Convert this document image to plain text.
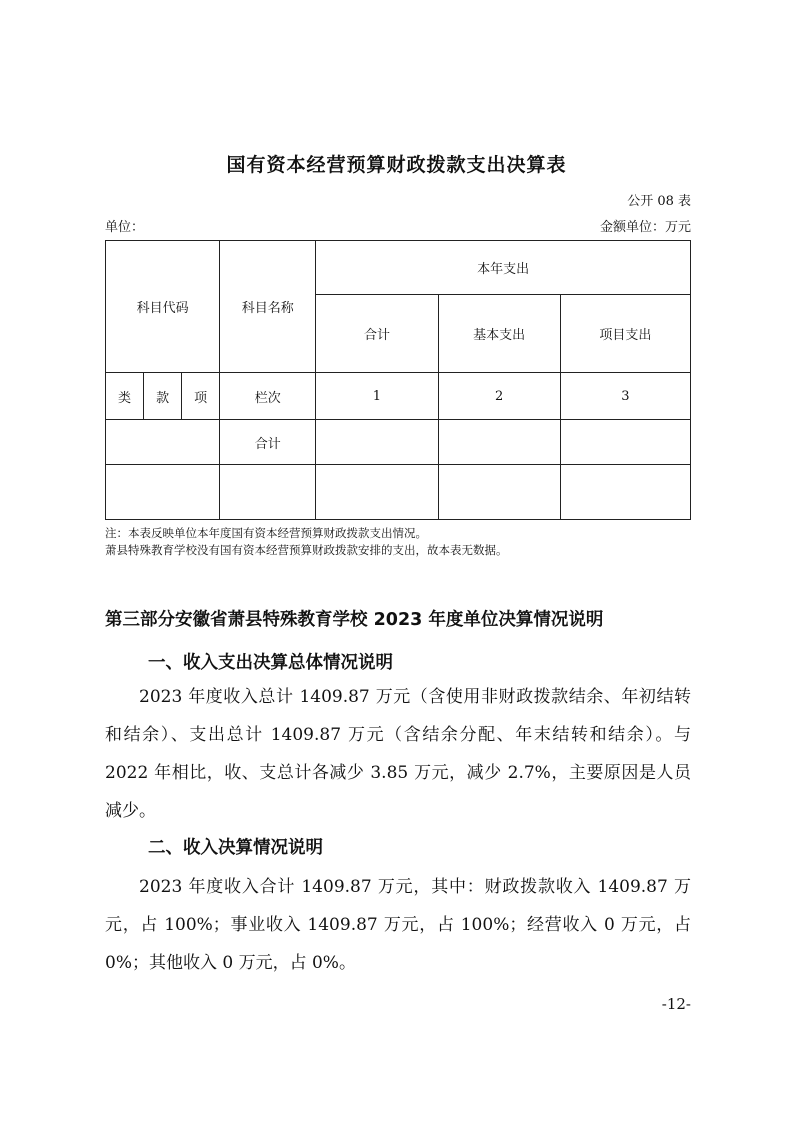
国有资本经营预算财政拨款支出决算表
公开 08 表
单位：	金额单位：万元
科目代码			科目名称	本年支出		
				合计	基本支出	项目支出
类	款	项	栏次	1	2	3
			合计			

注：本表反映单位本年度国有资本经营预算财政拨款支出情况。
萧县特殊教育学校没有国有资本经营预算财政拨款安排的支出，故本表无数据。
第三部分安徽省萧县特殊教育学校 2023 年度单位决算情况说明
一、收入支出决算总体情况说明
2023 年度收入总计 1409.87 万元（含使用非财政拨款结余、年初结转和结余）、支出总计 1409.87 万元（含结余分配、年末结转和结余）。与 2022 年相比，收、支总计各减少 3.85 万元，减少 2.7%，主要原因是人员减少。
二、收入决算情况说明
2023 年度收入合计 1409.87 万元，其中：财政拨款收入 1409.87 万元，占 100%；事业收入 1409.87 万元，占 100%；经营收入 0 万元，占 0%；其他收入 0 万元，占 0%。
-12-
